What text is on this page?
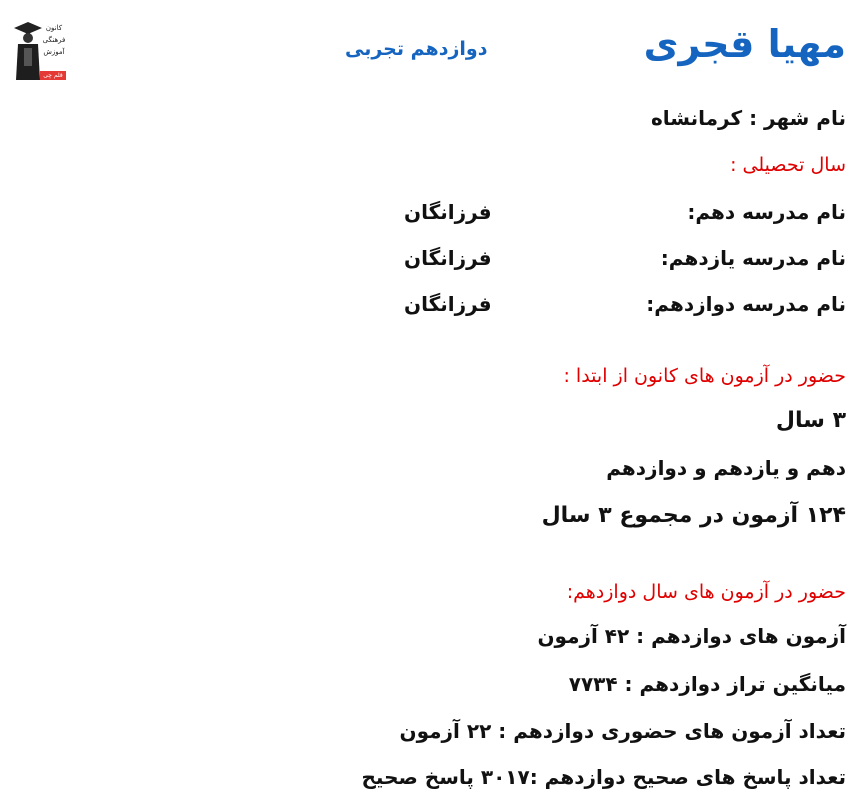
کانون
فرهنگی
آموزش
قلم چی
مهیا قجری
دوازدهم تجربی
نام شهر : کرمانشاه
سال تحصیلی :
نام مدرسه دهم:
فرزانگان
نام مدرسه یازدهم:
فرزانگان
نام مدرسه دوازدهم:
فرزانگان
حضور در آزمون های کانون از ابتدا :
۳ سال
دهم و یازدهم و دوازدهم
۱۲۴ آزمون در مجموع ۳ سال
حضور در آزمون های سال دوازدهم:
آزمون های دوازدهم : ۴۲ آزمون
میانگین تراز دوازدهم : ۷۷۳۴
تعداد آزمون های حضوری دوازدهم : ۲۲ آزمون
تعداد پاسخ های صحیح دوازدهم :۳۰۱۷ پاسخ صحیح
